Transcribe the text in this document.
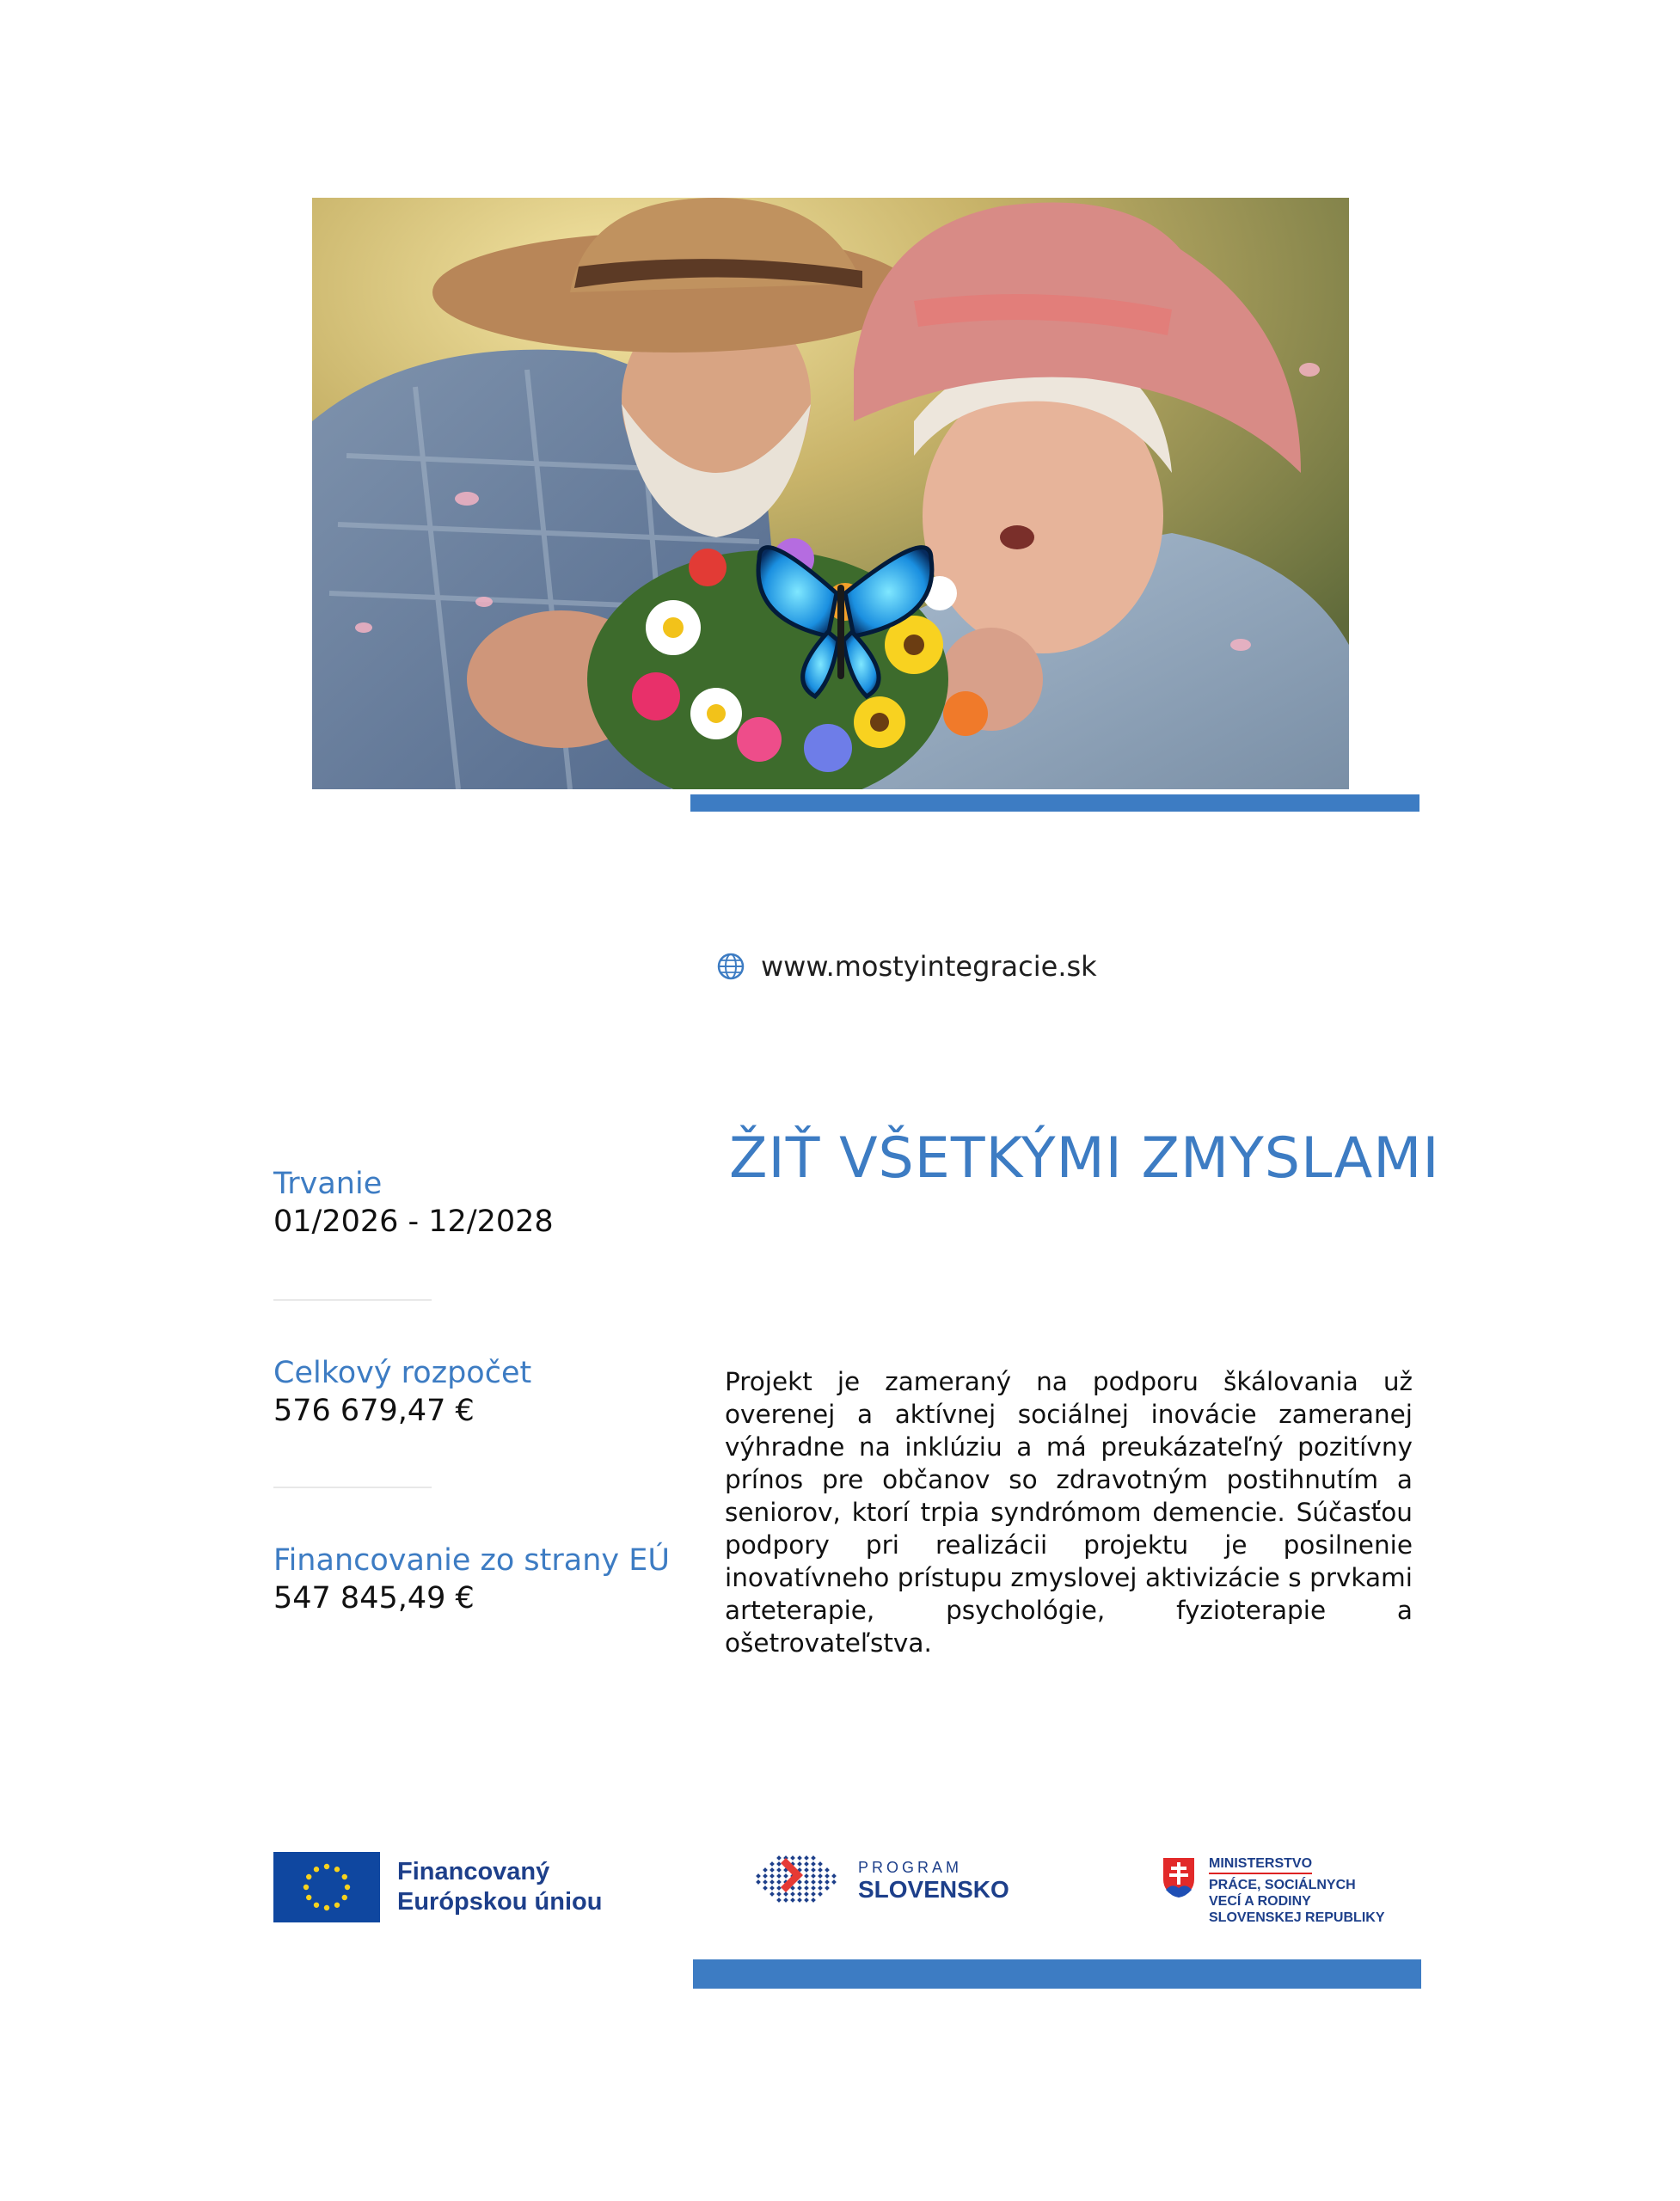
www.mostyintegracie.sk
ŽIŤ VŠETKÝMI ZMYSLAMI
Trvanie
01/2026 - 12/2028
Celkový rozpočet
576 679,47 €
Financovanie zo strany EÚ
547 845,49 €
Projekt je zameraný na podporu škálovania už overenej a aktívnej sociálnej inovácie zameranej výhradne na inklúziu a má preukázateľný pozitívny prínos pre občanov so zdravotným postihnutím a seniorov, ktorí trpia syndrómom demencie. Súčasťou podpory pri realizácii projektu je posilnenie inovatívneho prístupu zmyslovej aktivizácie s prvkami arteterapie, psychológie, fyzioterapie a ošetrovateľstva.
Financovaný
Európskou úniou
PROGRAM
SLOVENSKO
MINISTERSTVO
PRÁCE, SOCIÁLNYCH
VECÍ A RODINY
SLOVENSKEJ REPUBLIKY
